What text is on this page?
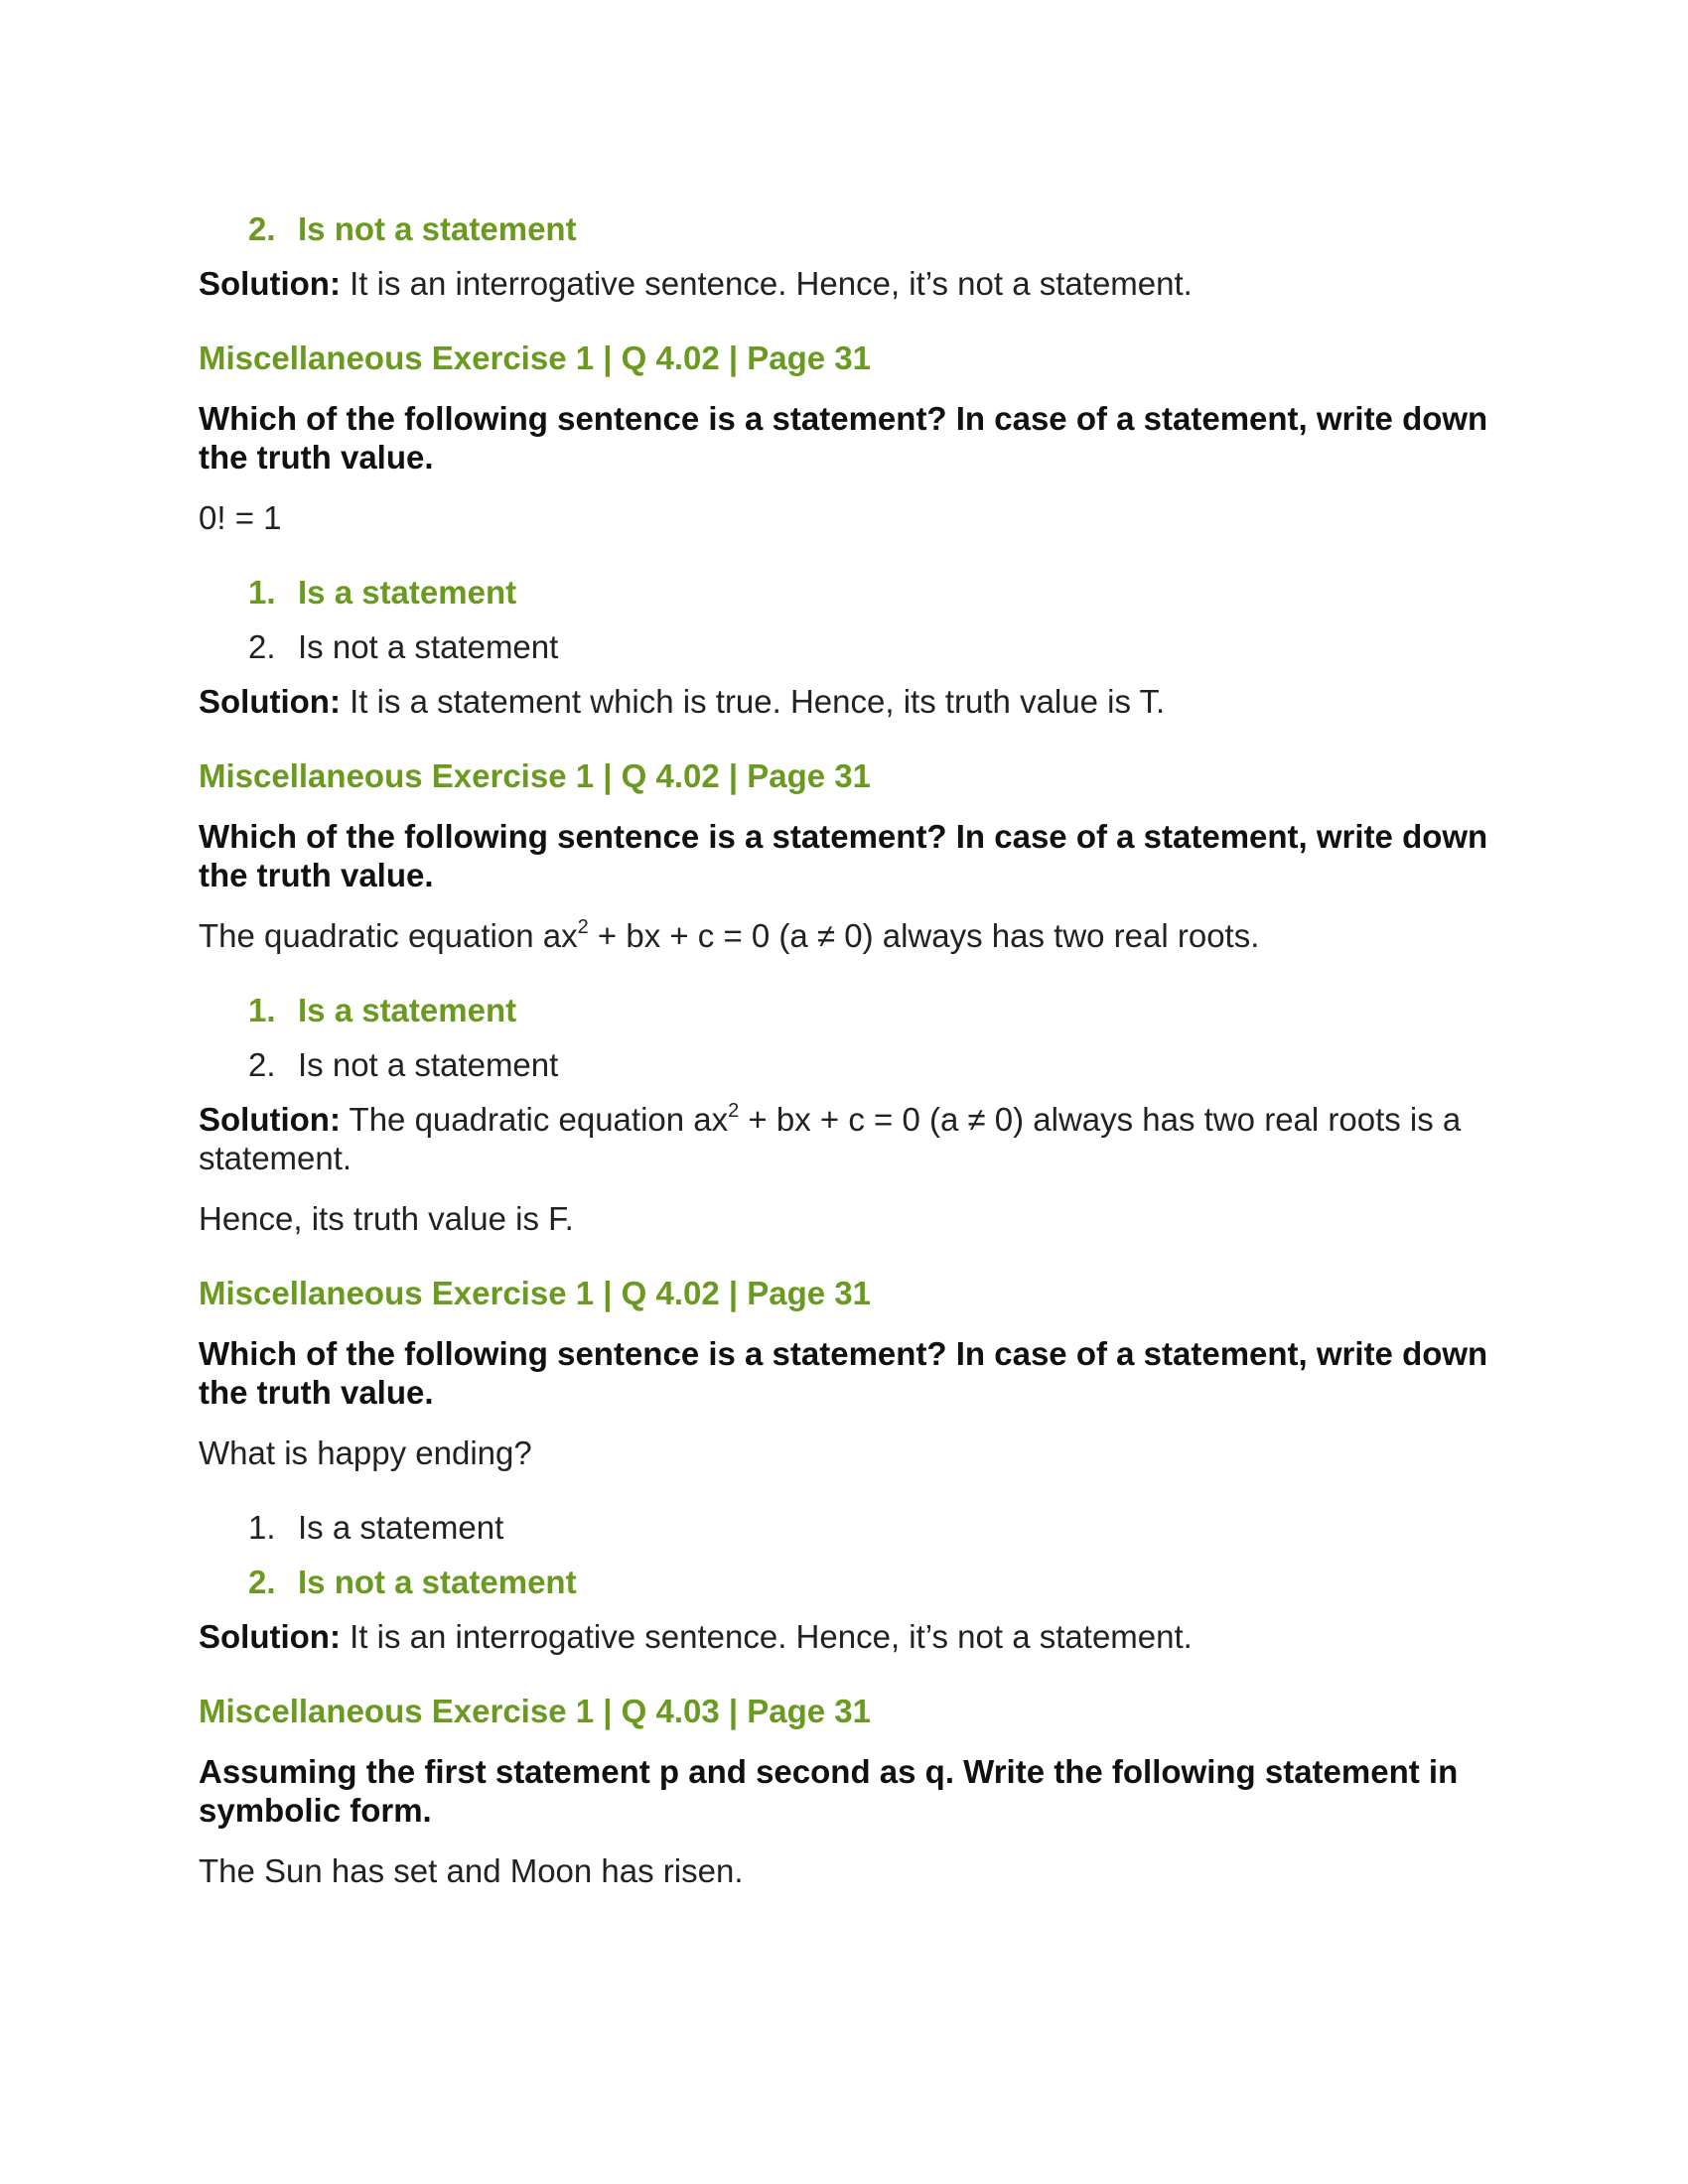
2. Is not a statement

Solution: It is an interrogative sentence. Hence, it’s not a statement.

Miscellaneous Exercise 1 | Q 4.02 | Page 31

Which of the following sentence is a statement? In case of a statement, write down the truth value.

0! = 1

1. Is a statement
2. Is not a statement

Solution: It is a statement which is true. Hence, its truth value is T.

Miscellaneous Exercise 1 | Q 4.02 | Page 31

Which of the following sentence is a statement? In case of a statement, write down the truth value.

The quadratic equation $ax^2$ + bx + c = 0 (a ≠ 0) always has two real roots.

1. Is a statement
2. Is not a statement

Solution: The quadratic equation $ax^2$ + bx + c = 0 (a ≠ 0) always has two real roots is a statement.

Hence, its truth value is F.

Miscellaneous Exercise 1 | Q 4.02 | Page 31

Which of the following sentence is a statement? In case of a statement, write down the truth value.

What is happy ending?

1. Is a statement
2. Is not a statement

Solution: It is an interrogative sentence. Hence, it’s not a statement.

Miscellaneous Exercise 1 | Q 4.03 | Page 31

Assuming the first statement p and second as q. Write the following statement in symbolic form.

The Sun has set and Moon has risen.
